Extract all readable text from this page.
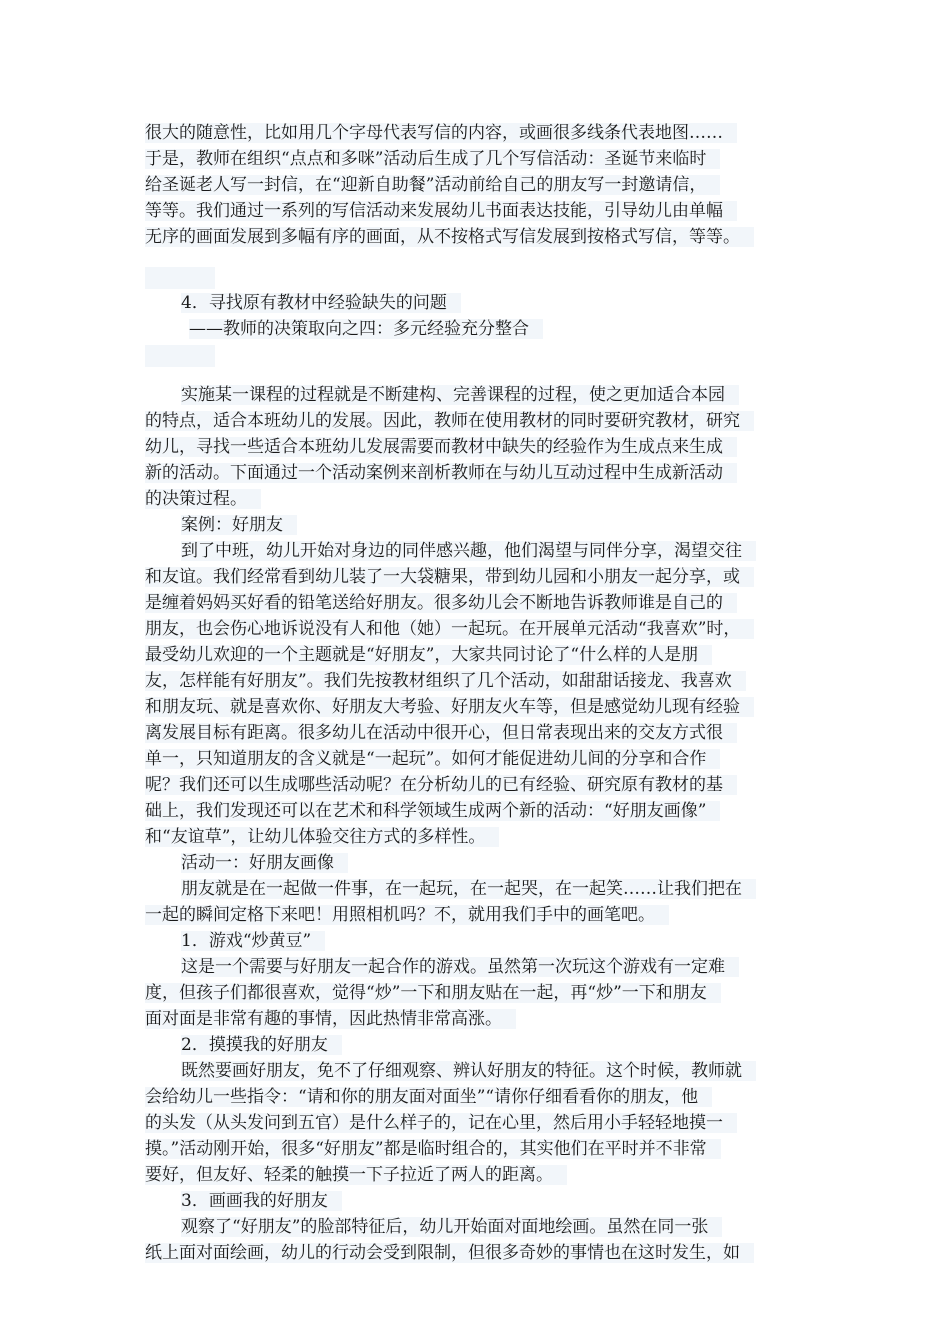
很大的随意性，比如用几个字母代表写信的内容，或画很多线条代表地图……
于是，教师在组织“点点和多咪”活动后生成了几个写信活动：圣诞节来临时
给圣诞老人写一封信，在“迎新自助餐”活动前给自己的朋友写一封邀请信，
等等。我们通过一系列的写信活动来发展幼儿书面表达技能，引导幼儿由单幅
无序的画面发展到多幅有序的画面，从不按格式写信发展到按格式写信，等等。
4．寻找原有教材中经验缺失的问题
——教师的决策取向之四：多元经验充分整合
实施某一课程的过程就是不断建构、完善课程的过程，使之更加适合本园
的特点，适合本班幼儿的发展。因此，教师在使用教材的同时要研究教材，研究
幼儿，寻找一些适合本班幼儿发展需要而教材中缺失的经验作为生成点来生成
新的活动。下面通过一个活动案例来剖析教师在与幼儿互动过程中生成新活动
的决策过程。
案例：好朋友
到了中班，幼儿开始对身边的同伴感兴趣，他们渴望与同伴分享，渴望交往
和友谊。我们经常看到幼儿装了一大袋糖果，带到幼儿园和小朋友一起分享，或
是缠着妈妈买好看的铅笔送给好朋友。很多幼儿会不断地告诉教师谁是自己的
朋友，也会伤心地诉说没有人和他（她）一起玩。在开展单元活动“我喜欢”时，
最受幼儿欢迎的一个主题就是“好朋友”，大家共同讨论了“什么样的人是朋
友，怎样能有好朋友”。我们先按教材组织了几个活动，如甜甜话接龙、我喜欢
和朋友玩、就是喜欢你、好朋友大考验、好朋友火车等，但是感觉幼儿现有经验
离发展目标有距离。很多幼儿在活动中很开心，但日常表现出来的交友方式很
单一，只知道朋友的含义就是“一起玩”。如何才能促进幼儿间的分享和合作
呢？我们还可以生成哪些活动呢？在分析幼儿的已有经验、研究原有教材的基
础上，我们发现还可以在艺术和科学领域生成两个新的活动：“好朋友画像”
和“友谊草”，让幼儿体验交往方式的多样性。
活动一：好朋友画像
朋友就是在一起做一件事，在一起玩，在一起哭，在一起笑……让我们把在
一起的瞬间定格下来吧！用照相机吗？不，就用我们手中的画笔吧。
1．游戏“炒黄豆”
这是一个需要与好朋友一起合作的游戏。虽然第一次玩这个游戏有一定难
度，但孩子们都很喜欢，觉得“炒”一下和朋友贴在一起，再“炒”一下和朋友
面对面是非常有趣的事情，因此热情非常高涨。
2．摸摸我的好朋友
既然要画好朋友，免不了仔细观察、辨认好朋友的特征。这个时候，教师就
会给幼儿一些指令：“请和你的朋友面对面坐”“请你仔细看看你的朋友，他
的头发（从头发问到五官）是什么样子的，记在心里，然后用小手轻轻地摸一
摸。”活动刚开始，很多“好朋友”都是临时组合的，其实他们在平时并不非常
要好，但友好、轻柔的触摸一下子拉近了两人的距离。
3．画画我的好朋友
观察了“好朋友”的脸部特征后，幼儿开始面对面地绘画。虽然在同一张
纸上面对面绘画，幼儿的行动会受到限制，但很多奇妙的事情也在这时发生，如
